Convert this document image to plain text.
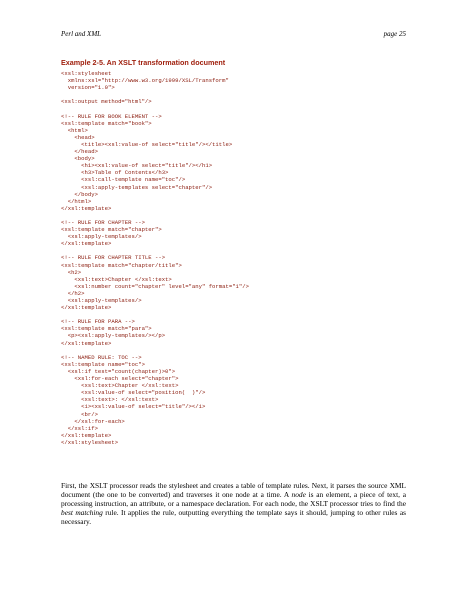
Perl and XML	page 25
Example 2-5. An XSLT transformation document
<xsl:stylesheet
xmlns:xsl="http://www.w3.org/1999/XSL/Transform"
version="1.0">
<xsl:output method="html"/>
<!-- RULE FOR BOOK ELEMENT -->
<xsl:template match="book">
<html>
<head>
<title><xsl:value-of select="title"/></title>
</head>
<body>
<h1><xsl:value-of select="title"/></h1>
<h3>Table of Contents</h3>
<xsl:call-template name="toc"/>
<xsl:apply-templates select="chapter"/>
</body>
</html>
</xsl:template>
<!-- RULE FOR CHAPTER -->
<xsl:template match="chapter">
<xsl:apply-templates/>
</xsl:template>
<!-- RULE FOR CHAPTER TITLE -->
<xsl:template match="chapter/title">
<h2>
<xsl:text>Chapter </xsl:text>
<xsl:number count="chapter" level="any" format="1"/>
</h2>
<xsl:apply-templates/>
</xsl:template>
<!-- RULE FOR PARA -->
<xsl:template match="para">
<p><xsl:apply-templates/></p>
</xsl:template>
<!-- NAMED RULE: TOC -->
<xsl:template name="toc">
<xsl:if test="count(chapter)>0">
<xsl:for-each select="chapter">
<xsl:text>Chapter </xsl:text>
<xsl:value-of select="position(  )"/>
<xsl:text>: </xsl:text>
<i><xsl:value-of select="title"/></i>
<br/>
</xsl:for-each>
</xsl:if>
</xsl:template>
</xsl:stylesheet>

First, the XSLT processor reads the stylesheet and creates a table of template rules. Next, it parses the source XML document (the one to be converted) and traverses it one node at a time. A node is an element, a piece of text, a processing instruction, an attribute, or a namespace declaration. For each node, the XSLT processor tries to find the best matching rule. It applies the rule, outputting everything the template says it should, jumping to other rules as necessary.
